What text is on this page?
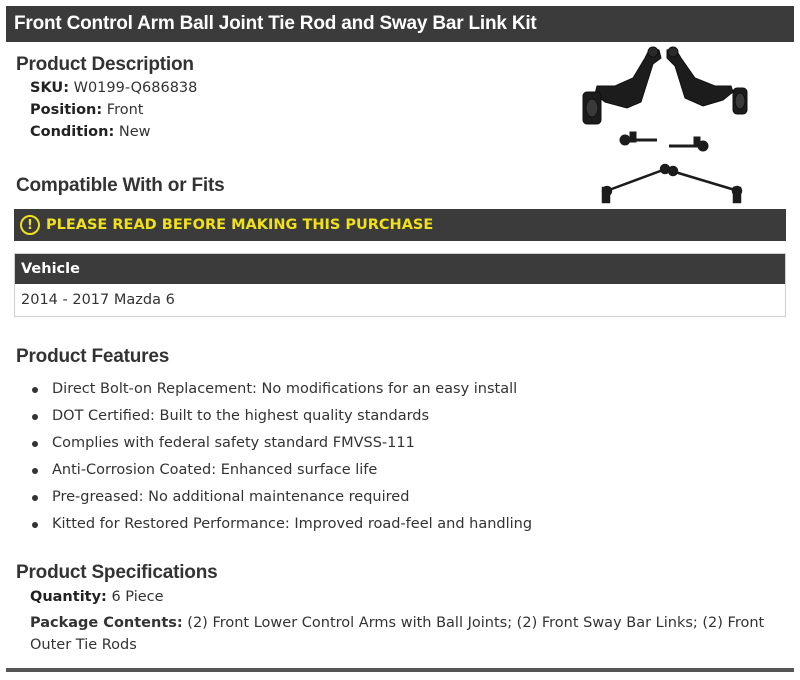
Front Control Arm Ball Joint Tie Rod and Sway Bar Link Kit
Product Description
SKU: W0199-Q686838
Position: Front
Condition: New
Compatible With or Fits
! PLEASE READ BEFORE MAKING THIS PURCHASE
Vehicle
2014 - 2017 Mazda 6
Product Features
Direct Bolt-on Replacement: No modifications for an easy install
DOT Certified: Built to the highest quality standards
Complies with federal safety standard FMVSS-111
Anti-Corrosion Coated: Enhanced surface life
Pre-greased: No additional maintenance required
Kitted for Restored Performance: Improved road-feel and handling
Product Specifications
Quantity: 6 Piece
Package Contents: (2) Front Lower Control Arms with Ball Joints; (2) Front Sway Bar Links; (2) Front Outer Tie Rods
